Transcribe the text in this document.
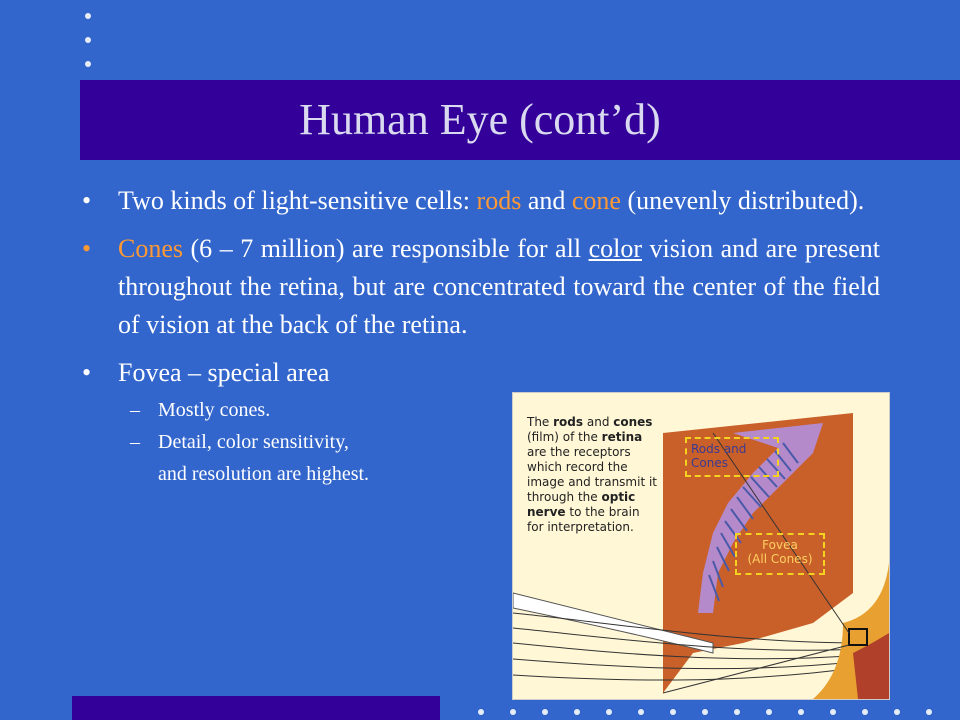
Human Eye (cont’d)
• Two kinds of light-sensitive cells: rods and cone (unevenly distributed).
• Cones (6 – 7 million) are responsible for all color vision and are present throughout the retina, but are concentrated toward the center of the field of vision at the back of the retina.
• Fovea – special area
– Mostly cones.
– Detail, color sensitivity,
and resolution are highest.
The rods and cones (film) of the retina are the receptors which record the image and transmit it through the optic nerve to the brain for interpretation.
Rods and
Cones
Fovea
(All Cones)
